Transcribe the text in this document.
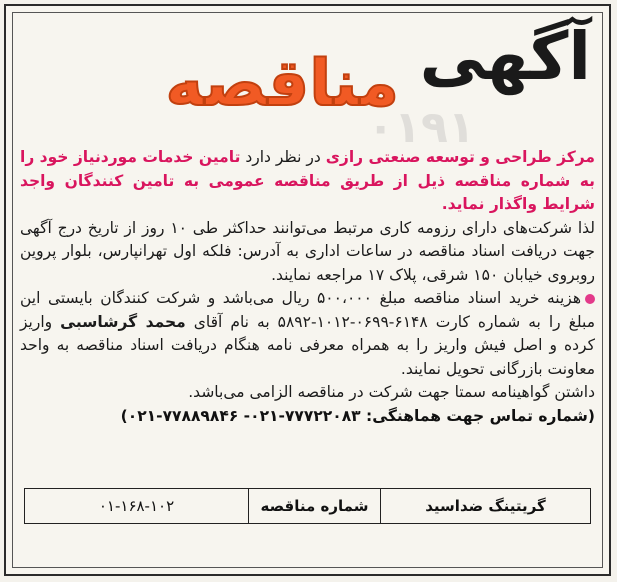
۰۱۹۱
آگهی
مناقصه

مرکز طراحی و توسعه صنعتی رازی در نظر دارد تامین خدمات موردنیاز خود را به شماره مناقصه ذیل از طریق مناقصه عمومی به تامین کنندگان واجد شرایط واگذار نماید.

لذا شرکت‌های دارای رزومه کاری مرتبط می‌توانند حداکثر طی ۱۰ روز از تاریخ درج آگهی جهت دریافت اسناد مناقصه در ساعات اداری به آدرس: فلکه اول تهرانپارس، بلوار پروین روبروی خیابان ۱۵۰ شرقی، پلاک ۱۷ مراجعه نمایند.

هزینه خرید اسناد مناقصه مبلغ ۵۰۰،۰۰۰ ریال می‌باشد و شرکت کنندگان بایستی این مبلغ را به شماره کارت ۶۱۴۸-۰۶۹۹-۱۰۱۲-۵۸۹۲ به نام آقای محمد گرشاسبی واریز کرده و اصل فیش واریز را به همراه معرفی نامه هنگام دریافت اسناد مناقصه به واحد معاونت بازرگانی تحویل نمایند.

داشتن گواهینامه سمتا جهت شرکت در مناقصه الزامی می‌باشد.

(شماره تماس جهت هماهنگی: ۷۷۷۲۲۰۸۳-۰۲۱- ۷۷۸۸۹۸۴۶-۰۲۱)

گریتینگ ضداسید
شماره مناقصه
۰۱-۱۶۸-۱۰۲
